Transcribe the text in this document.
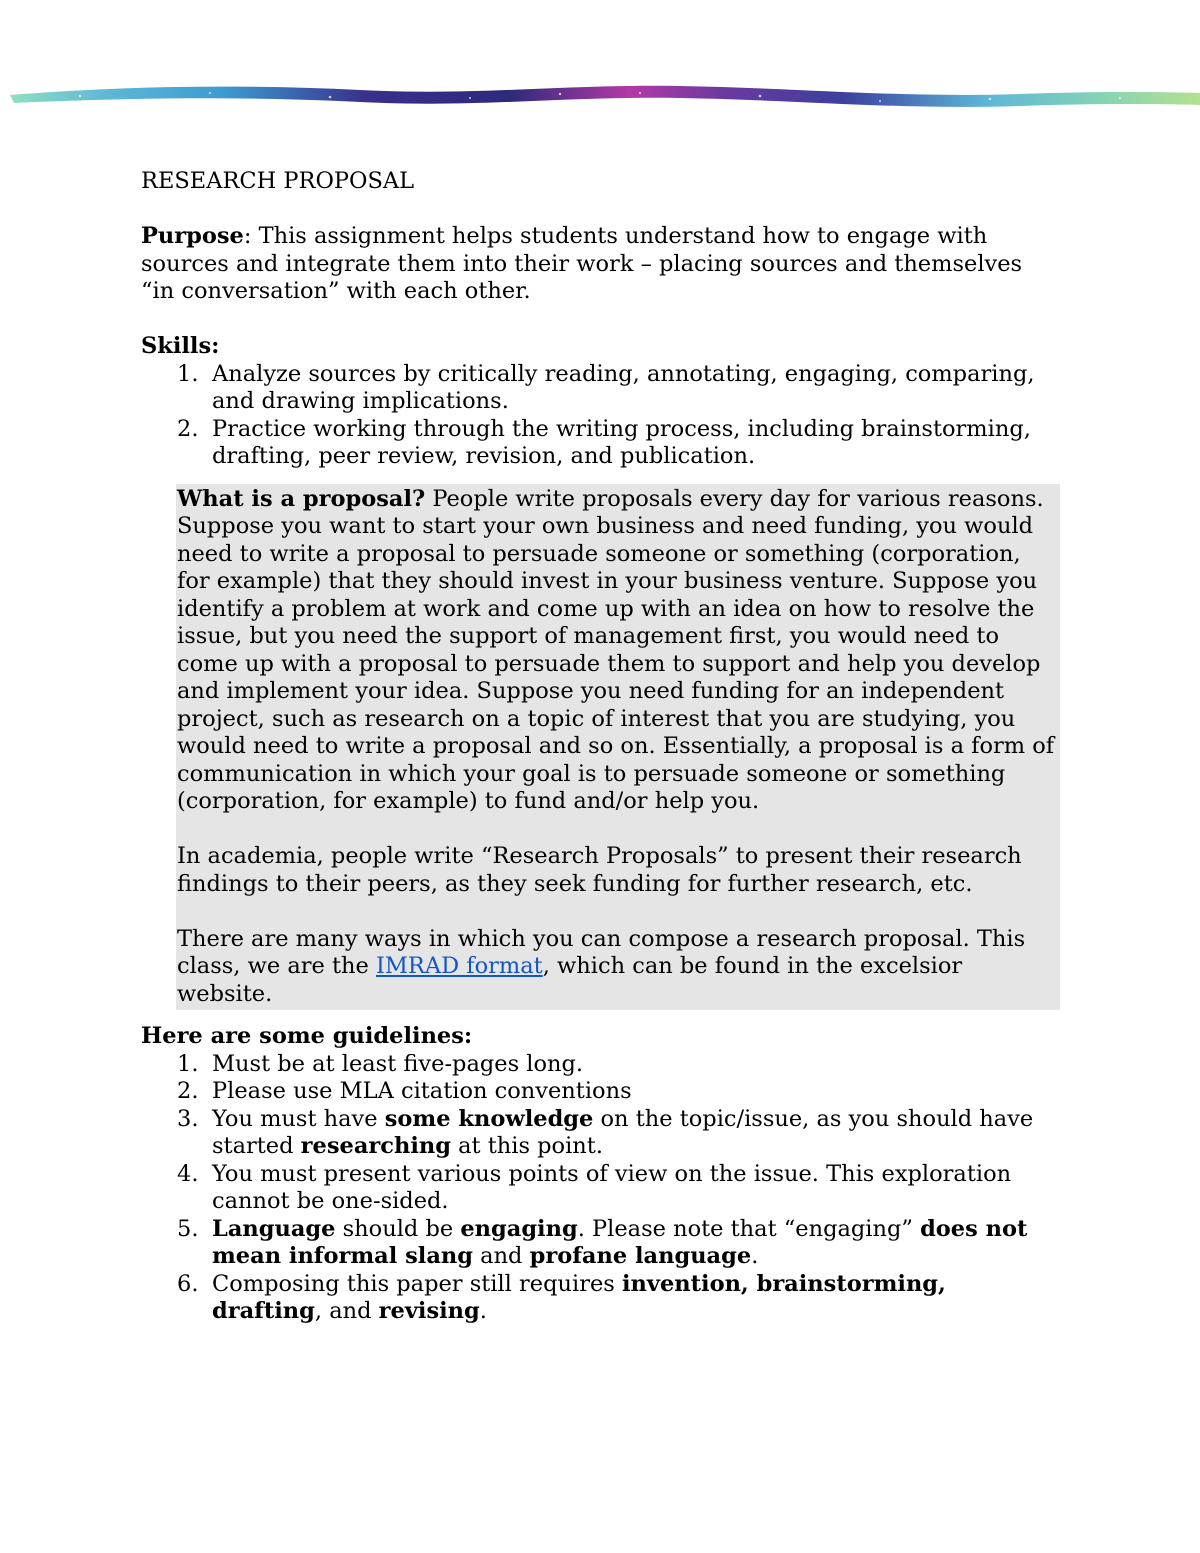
RESEARCH PROPOSAL

Purpose: This assignment helps students understand how to engage with sources and integrate them into their work – placing sources and themselves “in conversation” with each other.

Skills:

Analyze sources by critically reading, annotating, engaging, comparing, and drawing implications.
Practice working through the writing process, including brainstorming, drafting, peer review, revision, and publication.

What is a proposal? People write proposals every day for various reasons. Suppose you want to start your own business and need funding, you would need to write a proposal to persuade someone or something (corporation, for example) that they should invest in your business venture. Suppose you identify a problem at work and come up with an idea on how to resolve the issue, but you need the support of management first, you would need to come up with a proposal to persuade them to support and help you develop and implement your idea. Suppose you need funding for an independent project, such as research on a topic of interest that you are studying, you would need to write a proposal and so on. Essentially, a proposal is a form of communication in which your goal is to persuade someone or something (corporation, for example) to fund and/or help you.

In academia, people write “Research Proposals” to present their research findings to their peers, as they seek funding for further research, etc.

There are many ways in which you can compose a research proposal. This class, we are the IMRAD format, which can be found in the excelsior website.

Here are some guidelines:

Must be at least five-pages long.
Please use MLA citation conventions
You must have some knowledge on the topic/issue, as you should have started researching at this point.
You must present various points of view on the issue. This exploration cannot be one-sided.
Language should be engaging. Please note that “engaging” does not mean informal slang and profane language.
Composing this paper still requires invention, brainstorming, drafting, and revising.
